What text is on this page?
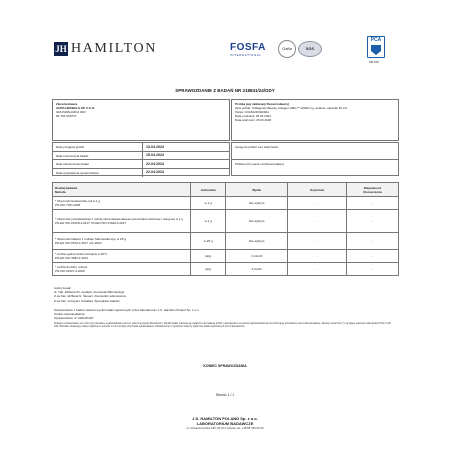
JH HAMILTON	FOSFA
INTERNATIONAL
Gafta	SGS
PCA
AB 079
SPRAWOZDANIE Z BADAŃ NR 218841/24/GDY
Zleceniodawca
AURA HERBALS SP. Z O.O.
GRUNWALDZKA 49/3
81-754 SOPOT
Próbka (wg deklaracji Zleceniodawcy)
Opis próbki: Collagenity Beauty, kolagen HMG™ 10000 mg, ananas, saszetki 30 szt.
Partia: COLBA/20032024
Data produkcji: 25.03.2024
Data ważności: 25.03.2026
Data przyjęcia próbki	13.04.2024
Data rozpoczęcia badań	15.04.2024
Data zakończenia badań	22.04.2024
Data wystawienia sprawozdania	22.04.2024
Uwagi do próbki: bez zastrzeżeń
Próbka otrzymana od Zleceniodawcy
Rodzaj badania
Metoda	Jednostka	Wynik	Kryterium	Niepewność
Rozszerzona
* Obecność Escherichia coli w 1 g
PN-ISO 7251:2006	w 1 g	Nie wykryto	-	-
* Obecność przedstawicieli z rodziny Enterobacteriaceae (oznaczanie ilościowe i wstępne) w 1 g
PN-EN ISO 21528-1:2017, PN-EN ISO 21528-2:2017	w 1 g	Nie wykryto	-	-
* Obecność bakterii z rodzaju Salmonella spp. w 25 g
PN-EN ISO 6579-1:2017 i A1:2020	w 25 g	Nie wykryto	-	-
* Liczba ogólna drobnoustrojów w 30°C
PN-EN ISO 4833-1:2013	jtk/g	<1,0x10¹	-	-
* Liczba drożdży i pleśni
PN-ISO 21527-2:2009	jtk/g	5,0x10¹	-	-
Autoryzował:
dr. hab. Elżbieta Sz. Analityk, Kierownik Mikrobiologii
Z-ca Kier. Elżbieta N. Ślusarz, Kierownik Laboratorium
Z-ca Kier. Grzegorz Kowalski, Specjalista Jakości
Sprawozdanie z badań zawiera wyniki badań wykonanych przez laboratorium J.S. Hamilton Poland Sp. z o.o.
Osoba odpowiedzialna:
Sprawozdanie nr 1/2024/GDY
Niniejsze sprawozdanie nie może być powielane w jakimkolwiek celu bez pisemnej zgody laboratorium. Wyniki badań odnoszą się wyłącznie do badanej próbki. Laboratorium nie ponosi odpowiedzialności za informacje przekazane przez Zleceniodawcę. Metody oznaczone (*) są objęte zakresem akredytacji PCA nr AB 079. Wszelkie reklamacje należy zgłaszać w terminie 14 dni od daty otrzymania sprawozdania. Oświadczenie o zgodności dotyczy wyłącznie badań wykonanych przez laboratorium.
KONIEC SPRAWOZDANIA
Strona: 1 / 1
J.S. HAMILTON POLAND Sp. z o.o.
LABORATORIUM BADAWCZE
ul. Chwaszczyńska 180, 81-571 Gdynia, tel. +48 58 769 66 00
